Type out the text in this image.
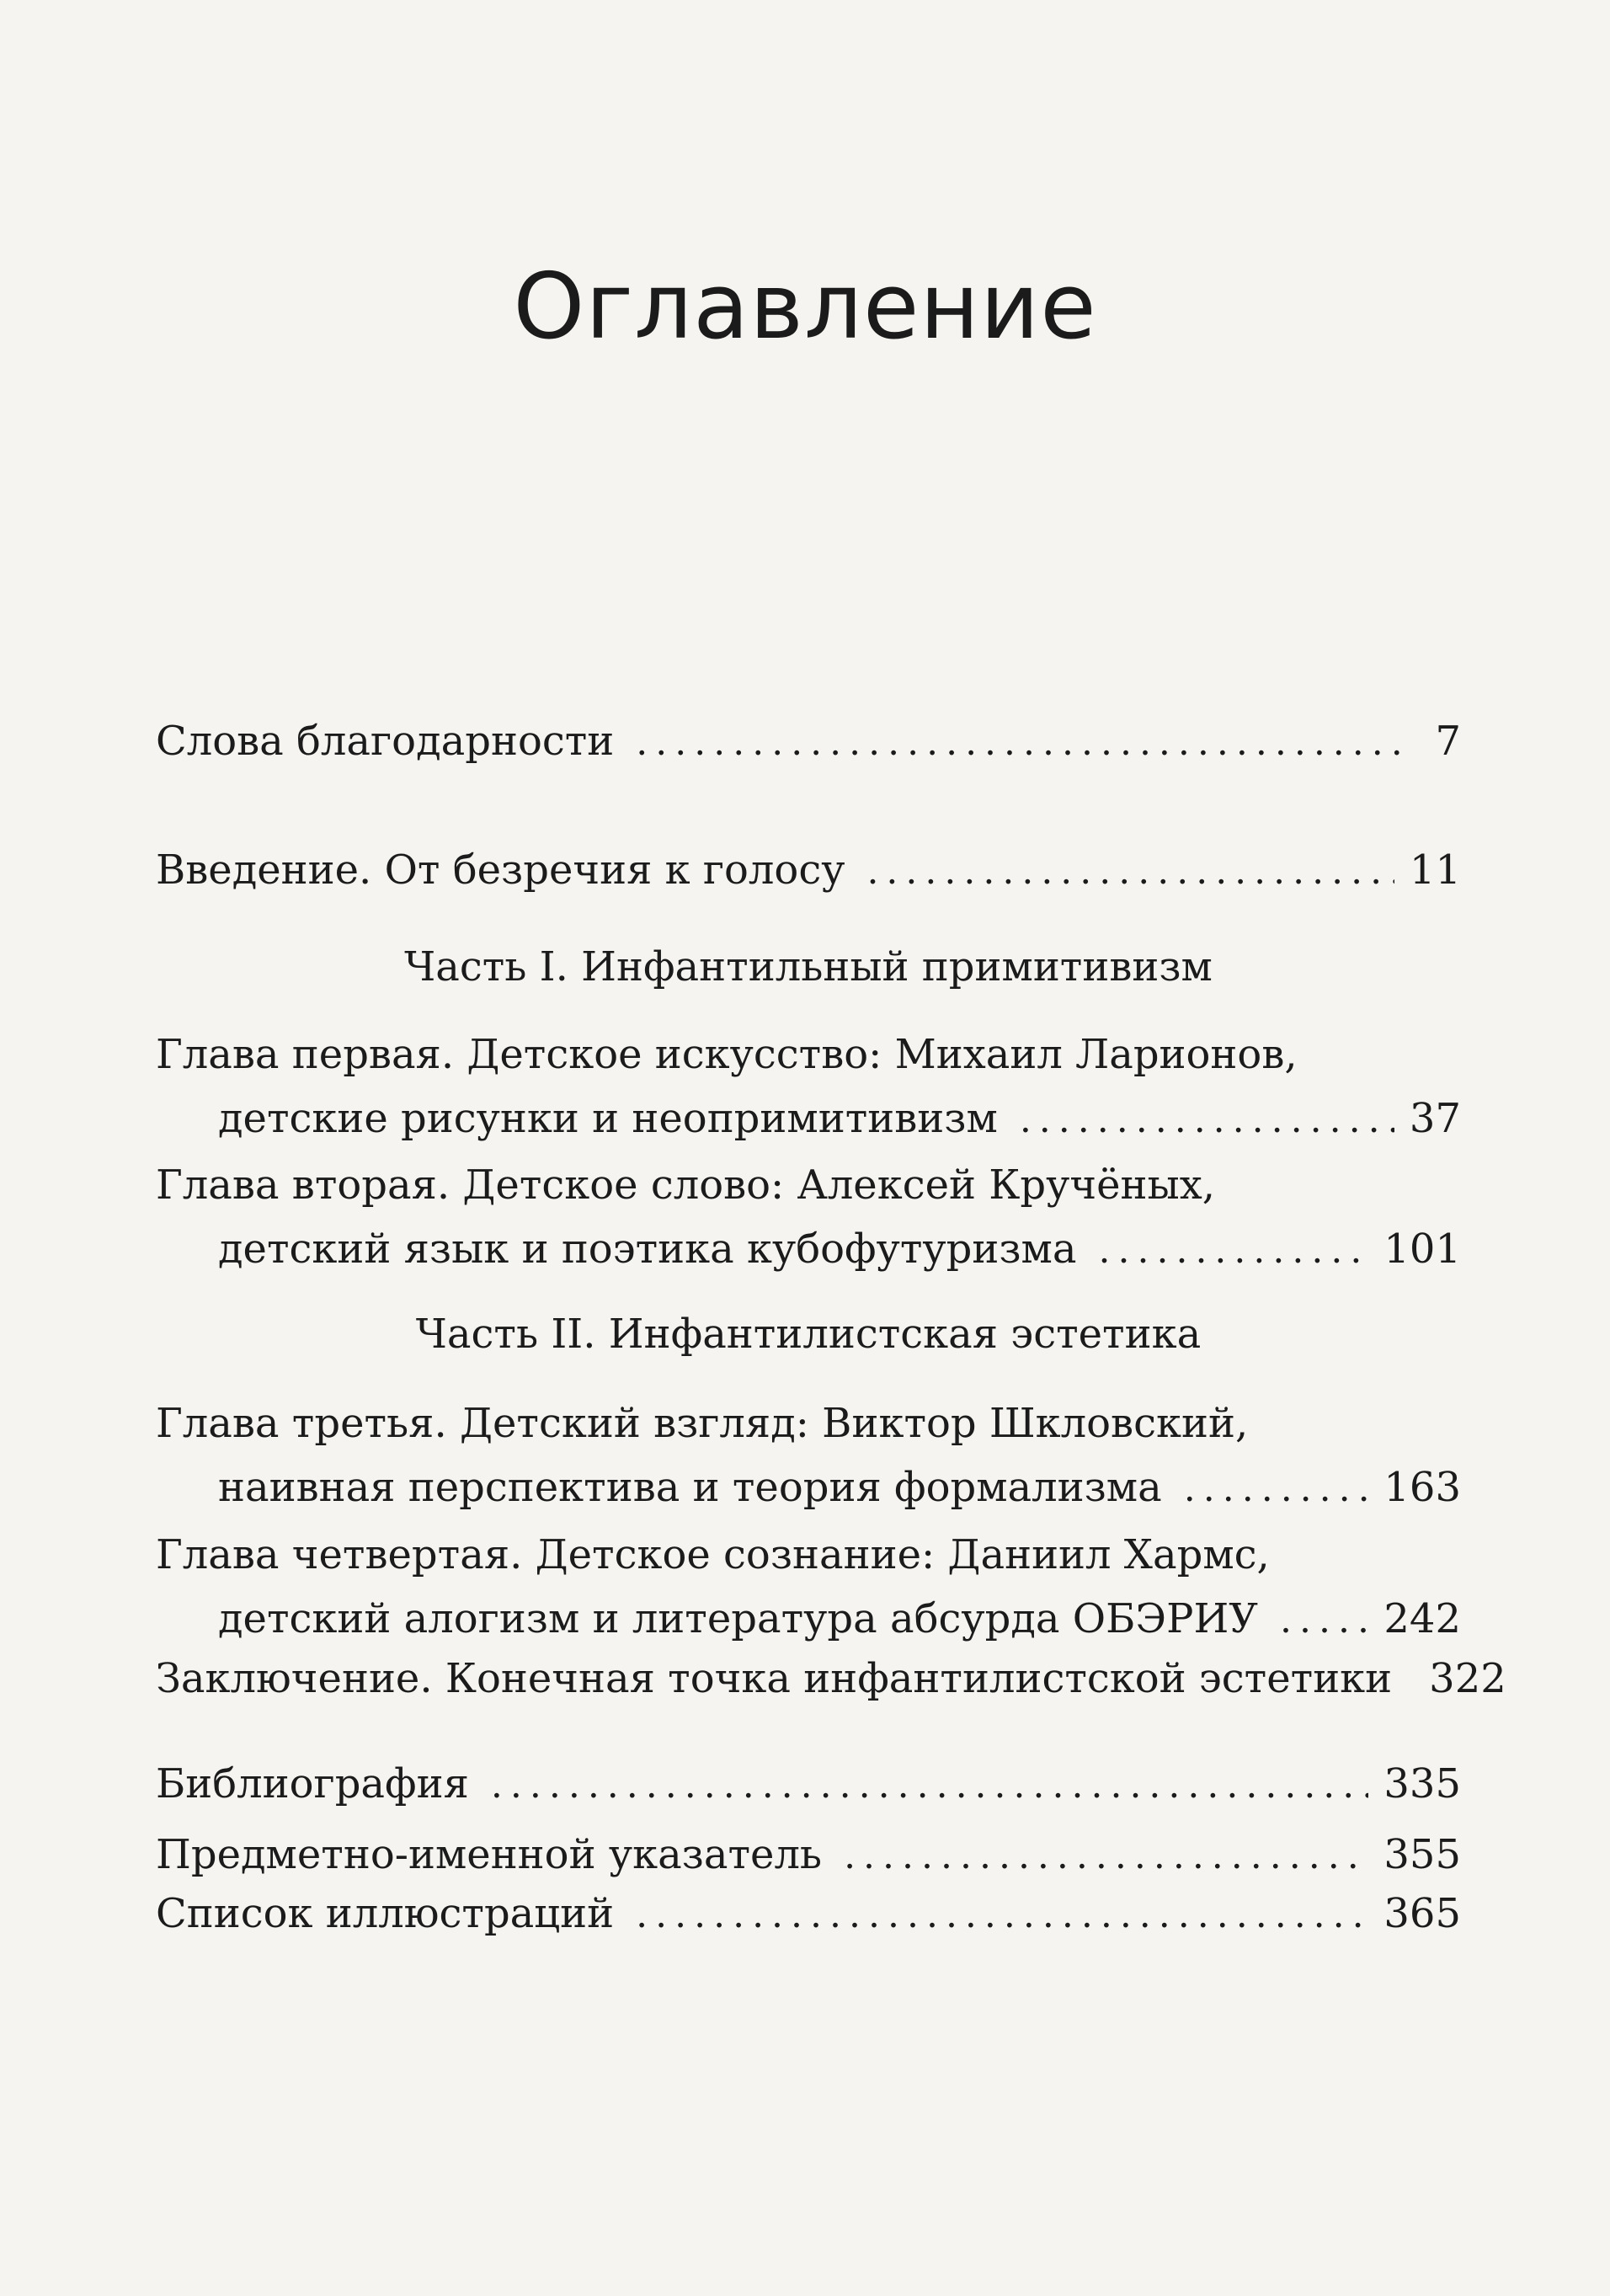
Оглавление
Слова благодарности .....	7
Введение. От безречия к голосу .....	11
Часть I. Инфантильный примитивизм
Глава первая. Детское искусство: Михаил Ларионов,
детские рисунки и неопримитивизм .....	37
Глава вторая. Детское слово: Алексей Кручёных,
детский язык и поэтика кубофутуризма .....	101
Часть II. Инфантилистская эстетика
Глава третья. Детский взгляд: Виктор Шкловский,
наивная перспектива и теория формализма .....	163
Глава четвертая. Детское сознание: Даниил Хармс,
детский алогизм и литература абсурда ОБЭРИУ .....	242
Заключение. Конечная точка инфантилистской эстетики 322
Библиография .....	335
Предметно-именной указатель .....	355
Список иллюстраций .....	365
